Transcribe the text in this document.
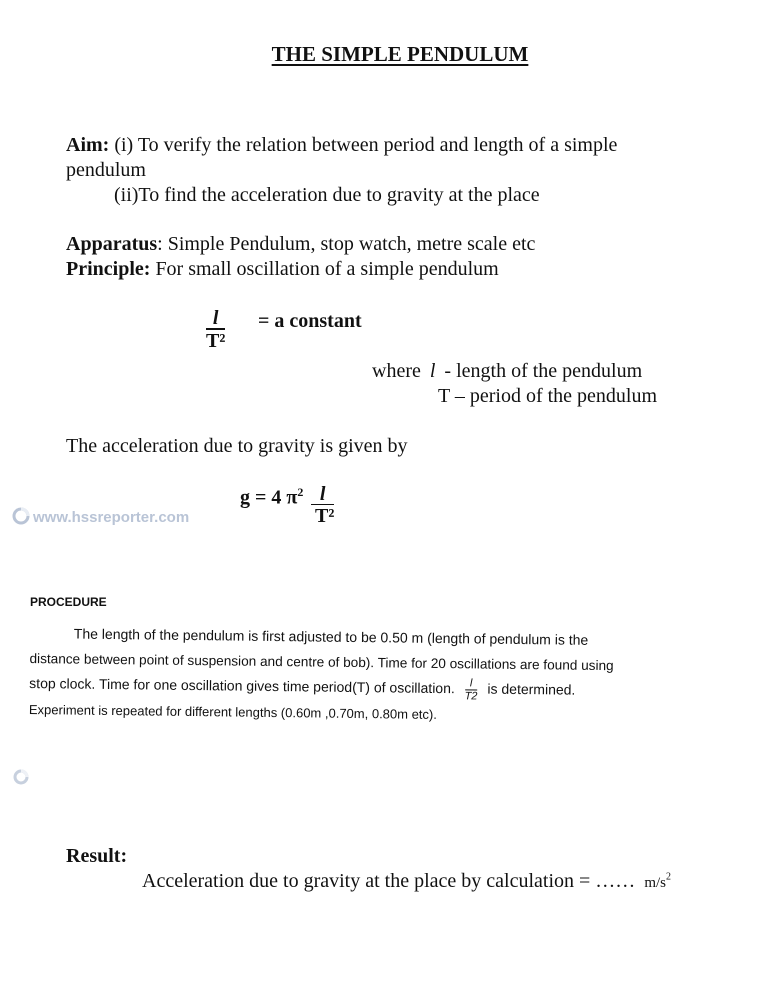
THE SIMPLE PENDULUM
Aim: (i) To verify the relation between period and length of a simple
pendulum
(ii)To find the acceleration due to gravity at the place
Apparatus: Simple Pendulum, stop watch, metre scale etc
Principle: For small oscillation of a simple pendulum
$\frac{l}{\text{T²}} = a$ constant
where l - length of the pendulum
T – period of the pendulum
The acceleration due to gravity is given by
g = 4 $\pi^2 \frac{l}{\text{T²}}$
www.hssreporter.com
PROCEDURE
The length of the pendulum is first adjusted to be 0.50 m (length of pendulum is the
distance between point of suspension and centre of bob). Time for 20 oscillations are found using
stop clock. Time for one oscillation gives time period(T) of oscillation. $\frac{l}{T2}$ is determined.
Experiment is repeated for different lengths (0.60m ,0.70m, 0.80m etc).
Result:
Acceleration due to gravity at the place by calculation = …… $m/s^2$
